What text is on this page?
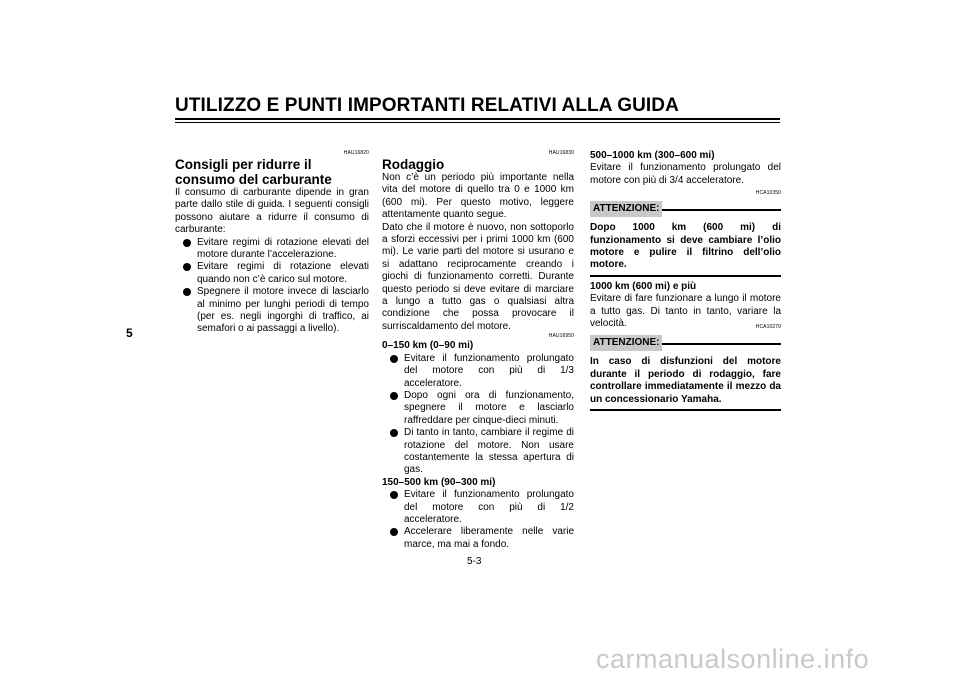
UTILIZZO E PUNTI IMPORTANTI RELATIVI ALLA GUIDA
5
HAU16820
Consigli per ridurre il consumo del carburante
Il consumo di carburante dipende in gran parte dallo stile di guida. I seguenti consigli possono aiutare a ridurre il consumo di carburante:
Evitare regimi di rotazione elevati del motore durante l’accelerazione.
Evitare regimi di rotazione elevati quando non c’è carico sul motore.
Spegnere il motore invece di lasciarlo al minimo per lunghi periodi di tempo (per es. negli ingorghi di traffico, ai semafori o ai passaggi a livello).
HAU16830
Rodaggio
Non c’è un periodo più importante nella vita del motore di quello tra 0 e 1000 km (600 mi). Per questo motivo, leggere attentamente quanto segue.
Dato che il motore è nuovo, non sottoporlo a sforzi eccessivi per i primi 1000 km (600 mi). Le varie parti del motore si usurano e si adattano reciprocamente creando i giochi di funzionamento corretti. Durante questo periodo si deve evitare di marciare a lungo a tutto gas o qualsiasi altra condizione che possa provocare il surriscaldamento del motore.
HAU16950
0–150 km (0–90 mi)
Evitare il funzionamento prolungato del motore con più di 1/3 acceleratore.
Dopo ogni ora di funzionamento, spegnere il motore e lasciarlo raffreddare per cinque-dieci minuti.
Di tanto in tanto, cambiare il regime di rotazione del motore. Non usare costantemente la stessa apertura di gas.
150–500 km (90–300 mi)
Evitare il funzionamento prolungato del motore con più di 1/2 acceleratore.
Accelerare liberamente nelle varie marce, ma mai a fondo.
500–1000 km (300–600 mi)
Evitare il funzionamento prolungato del motore con più di 3/4 acceleratore.
HCA10350
ATTENZIONE:
Dopo 1000 km (600 mi) di funzionamento si deve cambiare l’olio motore e pulire il filtrino dell’olio motore.
1000 km (600 mi) e più
Evitare di fare funzionare a lungo il motore a tutto gas. Di tanto in tanto, variare la velocità.	HCA10270
ATTENZIONE:
In caso di disfunzioni del motore durante il periodo di rodaggio, fare controllare immediatamente il mezzo da un concessionario Yamaha.
5-3
carmanualsonline.info
